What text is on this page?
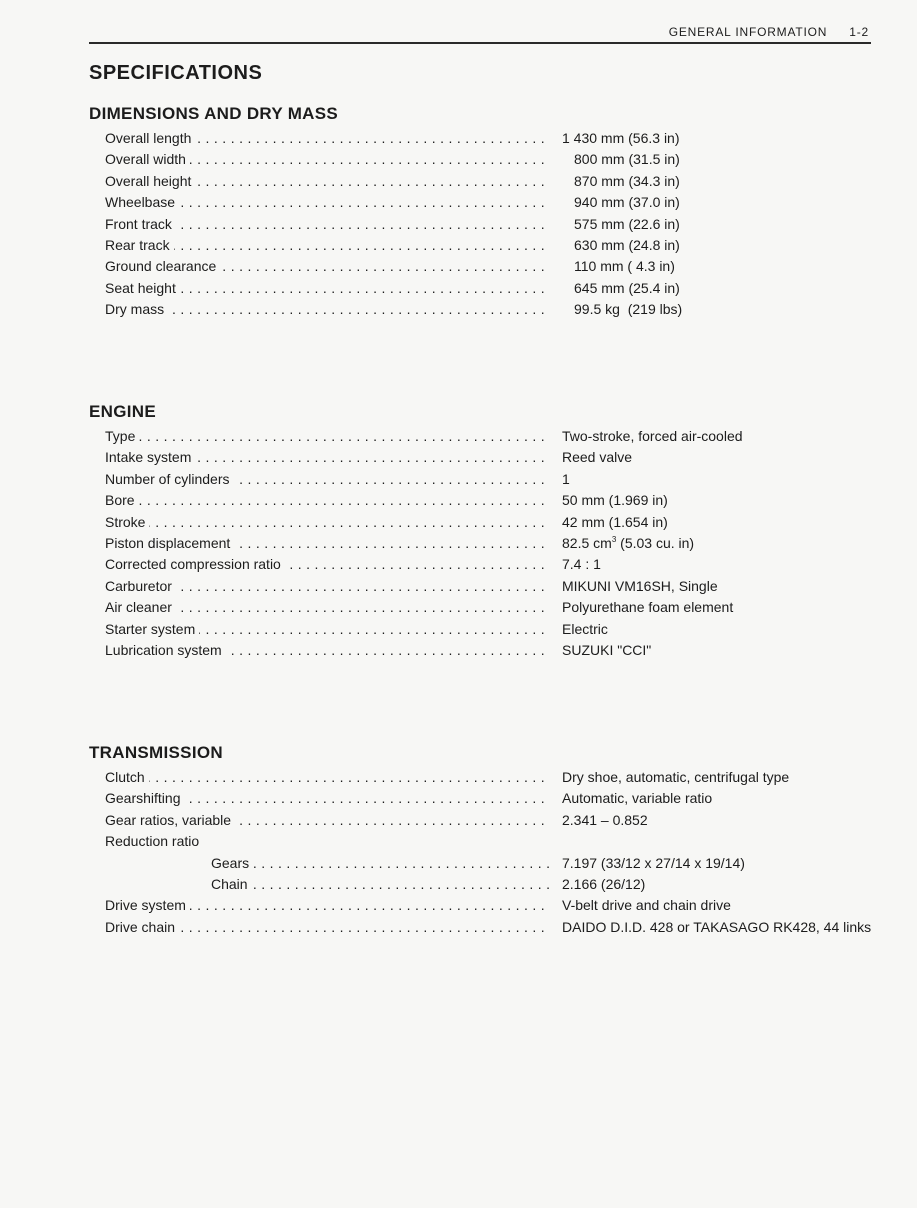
GENERAL INFORMATION 1-2
SPECIFICATIONS
DIMENSIONS AND DRY MASS
Overall length . . .	1 430 mm (56.3 in)
Overall width . . .	800 mm (31.5 in)
Overall height . . .	870 mm (34.3 in)
Wheelbase . . .	940 mm (37.0 in)
Front track . . .	575 mm (22.6 in)
Rear track . . .	630 mm (24.8 in)
Ground clearance . . .	110 mm ( 4.3 in)
Seat height . . .	645 mm (25.4 in)
Dry mass . . .	99.5 kg  (219 lbs)
ENGINE
Type . . .	Two-stroke, forced air-cooled
Intake system . . .	Reed valve
Number of cylinders . . .	1
Bore . . .	50 mm (1.969 in)
Stroke . . .	42 mm (1.654 in)
Piston displacement . . .	82.5 $cm^3$ (5.03 cu. in)
Corrected compression ratio . . .	7.4 : 1
Carburetor . . .	MIKUNI VM16SH, Single
Air cleaner . . .	Polyurethane foam element
Starter system . . .	Electric
Lubrication system . . .	SUZUKI "CCI"
TRANSMISSION
Clutch . . .	Dry shoe, automatic, centrifugal type
Gearshifting . . .	Automatic, variable ratio
Gear ratios, variable . . .	2.341 – 0.852
Reduction ratio
Gears . . .	7.197 (33/12 x 27/14 x 19/14)
Chain . . .	2.166 (26/12)
Drive system . . .	V-belt drive and chain drive
Drive chain . . .	DAIDO D.I.D. 428 or TAKASAGO RK428, 44 links
